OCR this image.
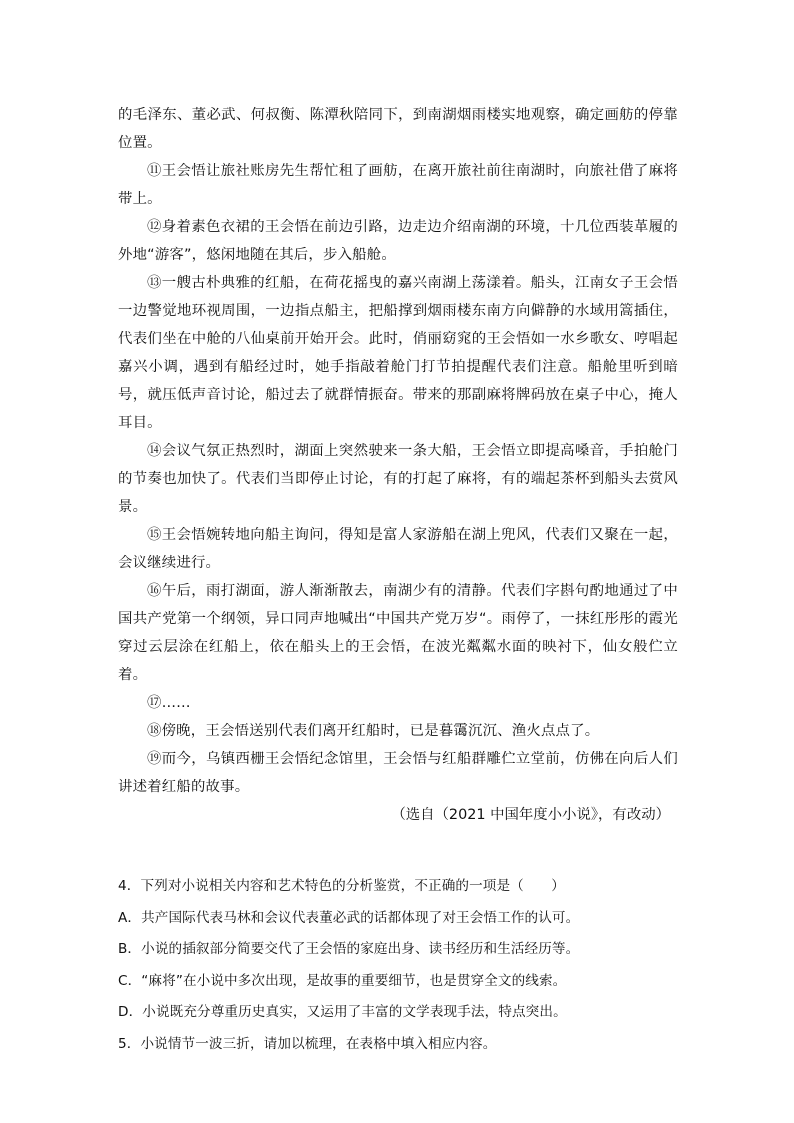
的毛泽东、董必武、何叔衡、陈潭秋陪同下，到南湖烟雨楼实地观察，确定画舫的停靠位置。

⑪王会悟让旅社账房先生帮忙租了画舫，在离开旅社前往南湖时，向旅社借了麻将带上。

⑫身着素色衣裙的王会悟在前边引路，边走边介绍南湖的环境，十几位西装革履的外地“游客”，悠闲地随在其后，步入船舱。

⑬一艘古朴典雅的红船，在荷花摇曳的嘉兴南湖上荡漾着。船头，江南女子王会悟一边警觉地环视周围，一边指点船主，把船撑到烟雨楼东南方向僻静的水域用篙插住，代表们坐在中舱的八仙桌前开始开会。此时，俏丽窈窕的王会悟如一水乡歌女、哼唱起嘉兴小调，遇到有船经过时，她手指敲着舱门打节拍提醒代表们注意。船舱里听到暗号，就压低声音讨论，船过去了就群情振奋。带来的那副麻将牌码放在桌子中心，掩人耳目。

⑭会议气氛正热烈时，湖面上突然驶来一条大船，王会悟立即提高嗓音，手拍舱门的节奏也加快了。代表们当即停止讨论，有的打起了麻将，有的端起茶杯到船头去赏风景。

⑮王会悟婉转地向船主询问，得知是富人家游船在湖上兜风，代表们又聚在一起，会议继续进行。

⑯午后，雨打湖面，游人渐渐散去，南湖少有的清静。代表们字斟句酌地通过了中国共产党第一个纲领，异口同声地喊出“中国共产党万岁“。雨停了，一抹红彤彤的霞光穿过云层涂在红船上，依在船头上的王会悟，在波光粼粼水面的映衬下，仙女般伫立着。

⑰……

⑱傍晚，王会悟送别代表们离开红船时，已是暮霭沉沉、渔火点点了。

⑲而今，乌镇西栅王会悟纪念馆里，王会悟与红船群雕伫立堂前，仿佛在向后人们讲述着红船的故事。

（选自（2021 中国年度小小说》，有改动）

4．下列对小说相关内容和艺术特色的分析鉴赏，不正确的一项是（　　）

A．共产国际代表马林和会议代表董必武的话都体现了对王会悟工作的认可。

B．小说的插叙部分简要交代了王会悟的家庭出身、读书经历和生活经历等。

C．“麻将”在小说中多次出现，是故事的重要细节，也是贯穿全文的线索。

D．小说既充分尊重历史真实，又运用了丰富的文学表现手法，特点突出。

5．小说情节一波三折，请加以梳理，在表格中填入相应内容。
